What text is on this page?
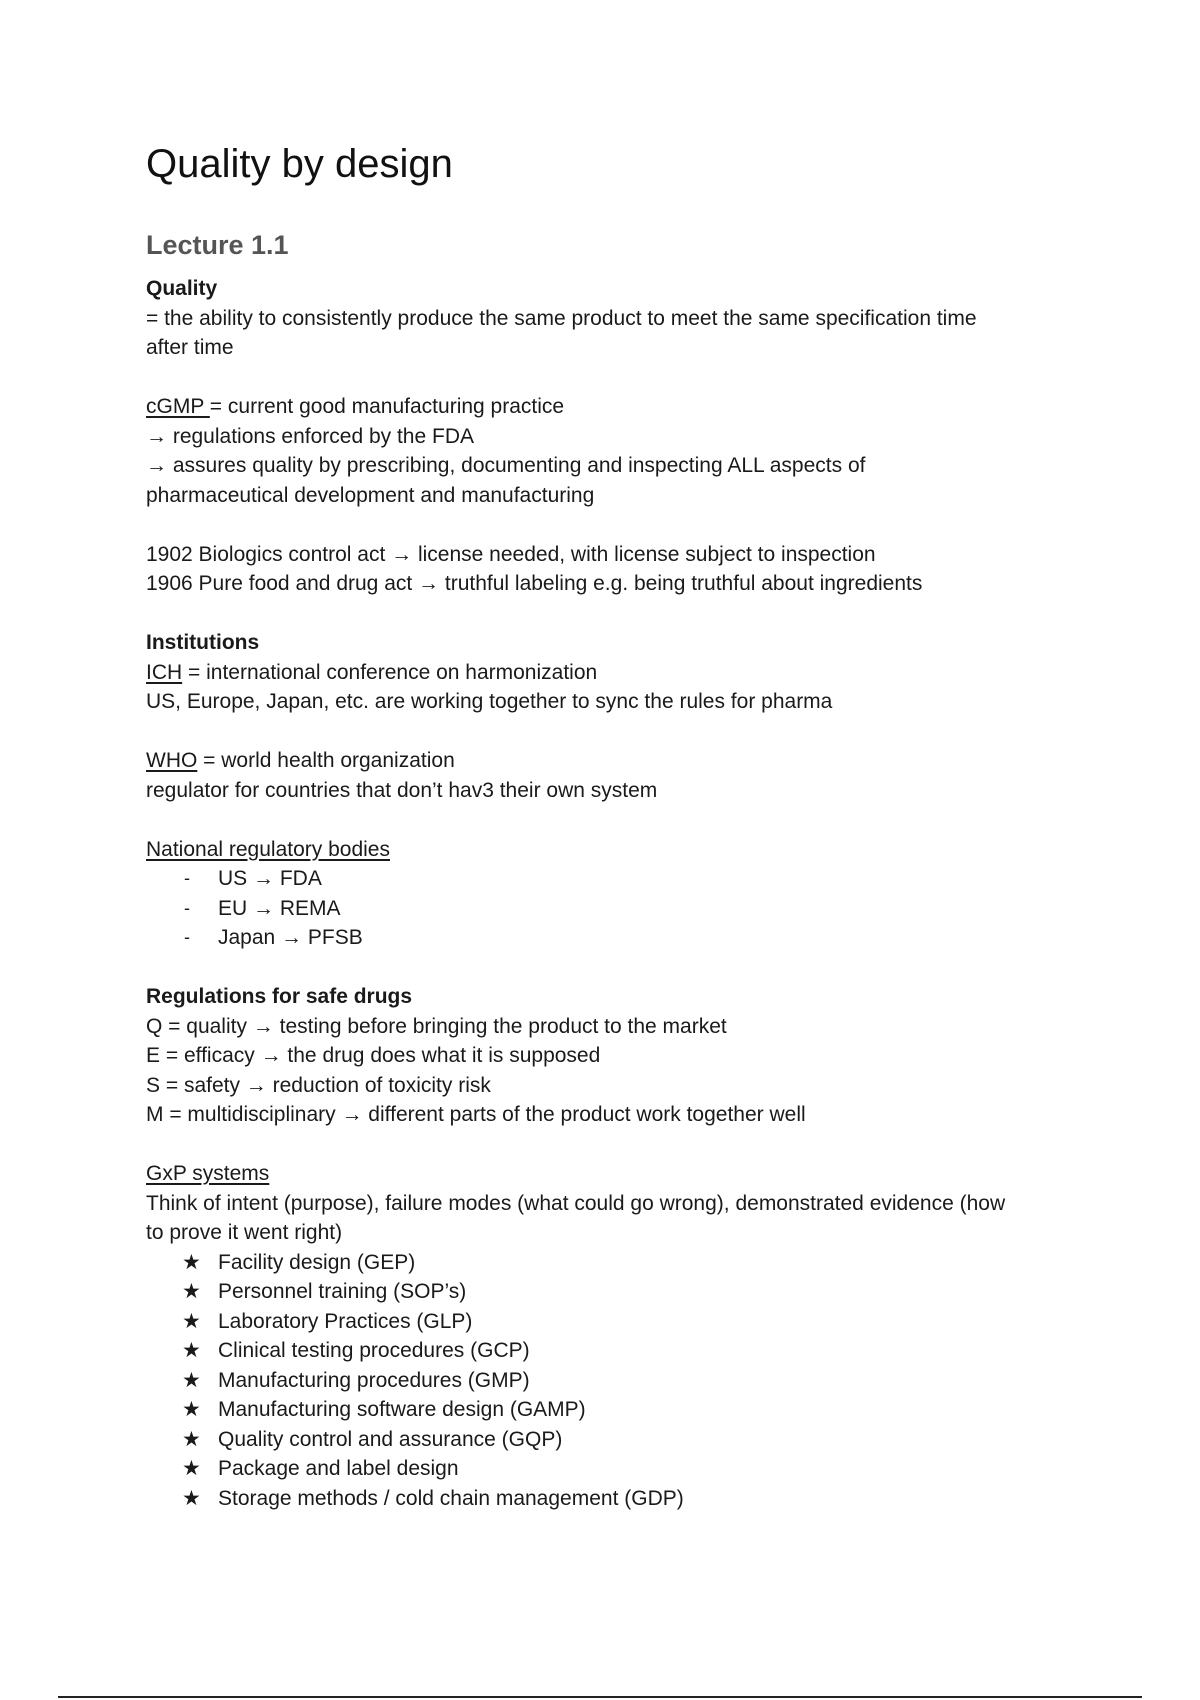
Quality by design
Lecture 1.1
Quality
= the ability to consistently produce the same product to meet the same specification time
after time
cGMP = current good manufacturing practice
→ regulations enforced by the FDA
→ assures quality by prescribing, documenting and inspecting ALL aspects of
pharmaceutical development and manufacturing
1902 Biologics control act → license needed, with license subject to inspection
1906 Pure food and drug act → truthful labeling e.g. being truthful about ingredients
Institutions
ICH = international conference on harmonization
US, Europe, Japan, etc. are working together to sync the rules for pharma
WHO = world health organization
regulator for countries that don’t hav3 their own system
National regulatory bodies
-	US → FDA
-	EU → REMA
-	Japan → PFSB
Regulations for safe drugs
Q = quality → testing before bringing the product to the market
E = efficacy → the drug does what it is supposed
S = safety → reduction of toxicity risk
M = multidisciplinary → different parts of the product work together well
GxP systems
Think of intent (purpose), failure modes (what could go wrong), demonstrated evidence (how
to prove it went right)
★ Facility design (GEP)
★ Personnel training (SOP’s)
★ Laboratory Practices (GLP)
★ Clinical testing procedures (GCP)
★ Manufacturing procedures (GMP)
★ Manufacturing software design (GAMP)
★ Quality control and assurance (GQP)
★ Package and label design
★ Storage methods / cold chain management (GDP)
